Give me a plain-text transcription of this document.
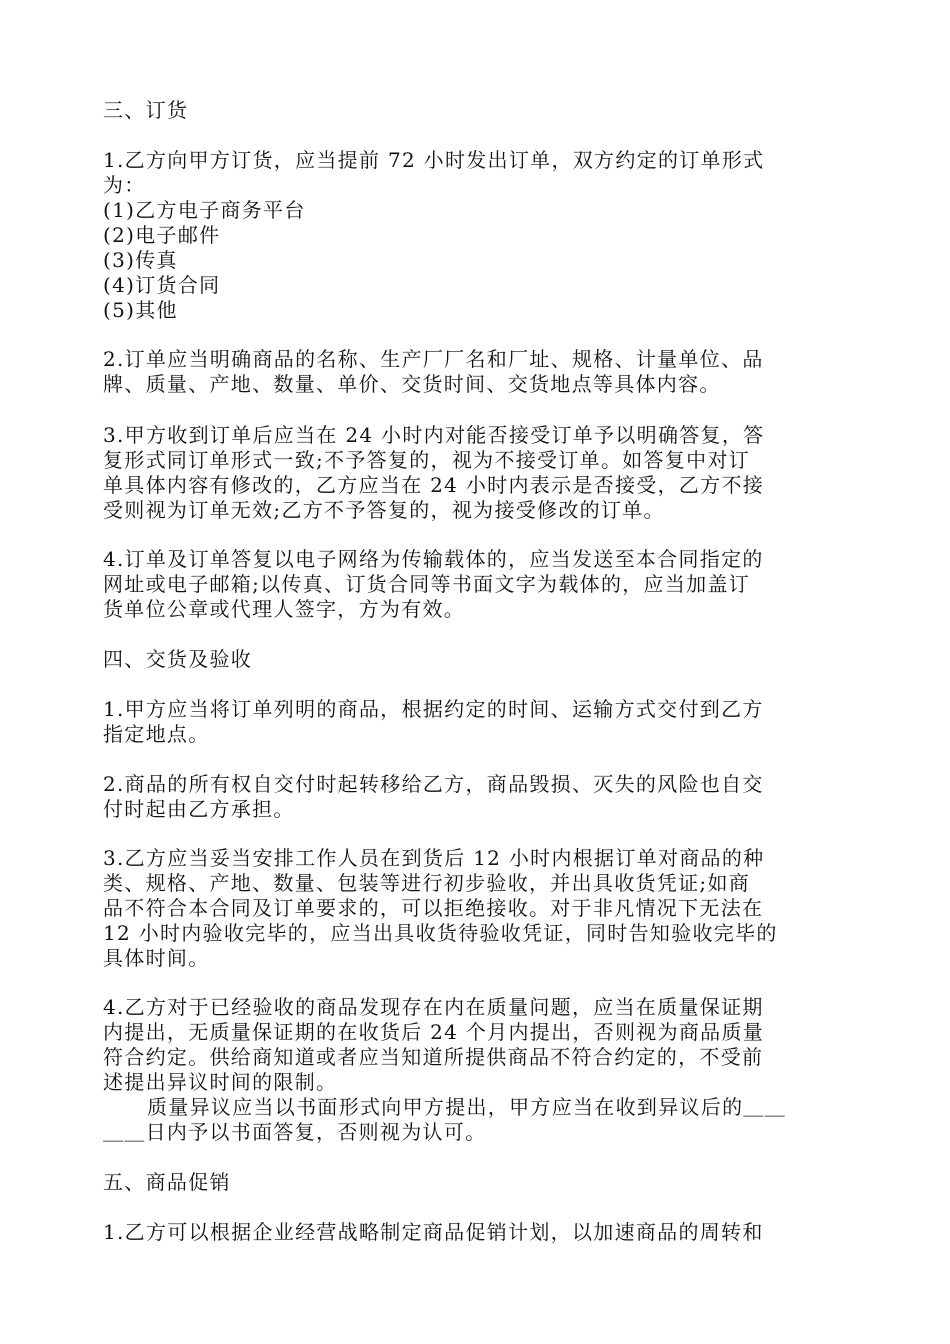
三、订货

1.乙方向甲方订货，应当提前 72 小时发出订单，双方约定的订单形式
为：
(1)乙方电子商务平台
(2)电子邮件
(3)传真
(4)订货合同
(5)其他

2.订单应当明确商品的名称、生产厂厂名和厂址、规格、计量单位、品
牌、质量、产地、数量、单价、交货时间、交货地点等具体内容。

3.甲方收到订单后应当在 24 小时内对能否接受订单予以明确答复，答
复形式同订单形式一致;不予答复的，视为不接受订单。如答复中对订
单具体内容有修改的，乙方应当在 24 小时内表示是否接受，乙方不接
受则视为订单无效;乙方不予答复的，视为接受修改的订单。

4.订单及订单答复以电子网络为传输载体的，应当发送至本合同指定的
网址或电子邮箱;以传真、订货合同等书面文字为载体的，应当加盖订
货单位公章或代理人签字，方为有效。

四、交货及验收

1.甲方应当将订单列明的商品，根据约定的时间、运输方式交付到乙方
指定地点。

2.商品的所有权自交付时起转移给乙方，商品毁损、灭失的风险也自交
付时起由乙方承担。

3.乙方应当妥当安排工作人员在到货后 12 小时内根据订单对商品的种
类、规格、产地、数量、包装等进行初步验收，并出具收货凭证;如商
品不符合本合同及订单要求的，可以拒绝接收。对于非凡情况下无法在
12 小时内验收完毕的，应当出具收货待验收凭证，同时告知验收完毕的
具体时间。

4.乙方对于已经验收的商品发现存在内在质量问题，应当在质量保证期
内提出，无质量保证期的在收货后 24 个月内提出，否则视为商品质量
符合约定。供给商知道或者应当知道所提供商品不符合约定的，不受前
述提出异议时间的限制。
质量异议应当以书面形式向甲方提出，甲方应当在收到异议后的＿＿
＿＿日内予以书面答复，否则视为认可。

五、商品促销

1.乙方可以根据企业经营战略制定商品促销计划，以加速商品的周转和
